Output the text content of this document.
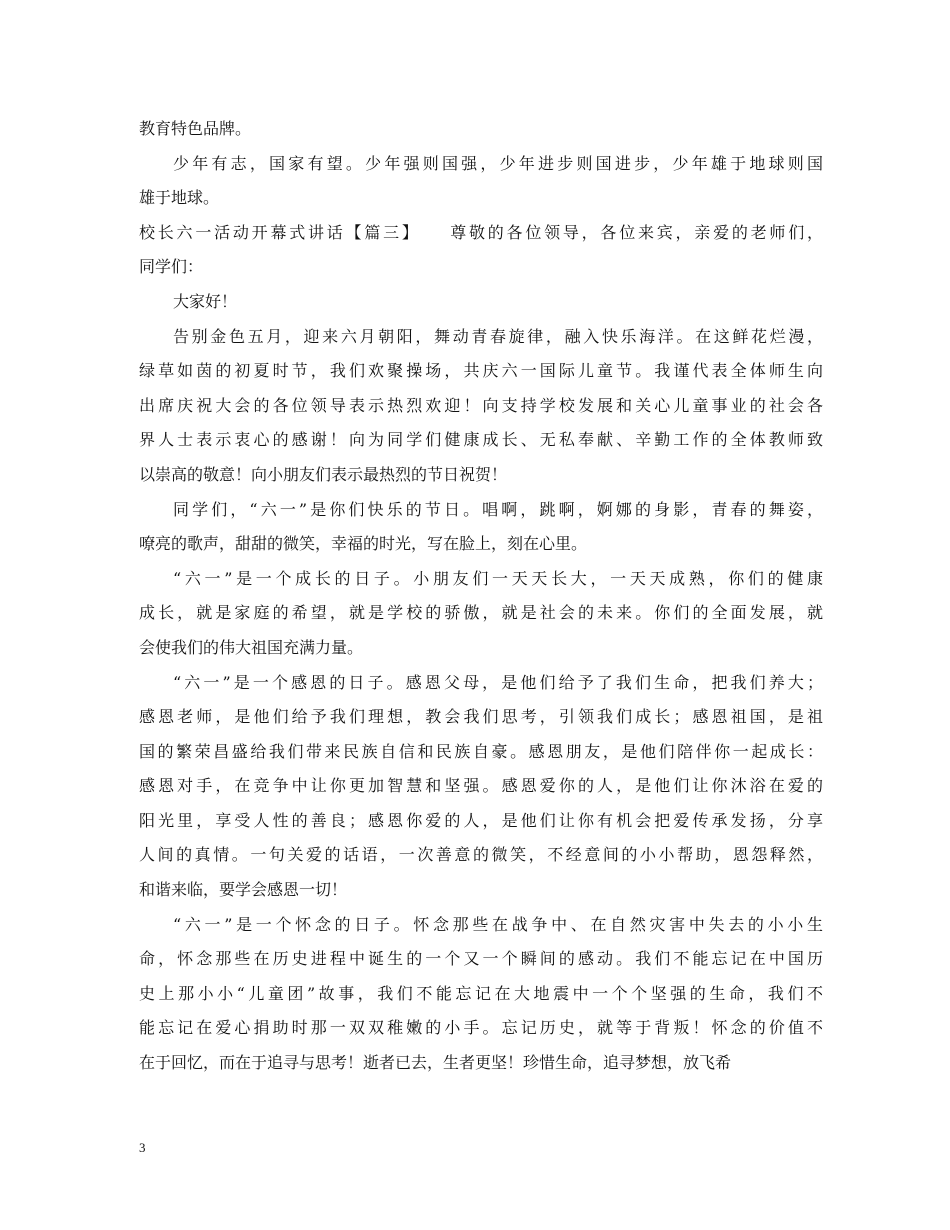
教育特色品牌。
少年有志，国家有望。少年强则国强，少年进步则国进步，少年雄于地球则国
雄于地球。
校长六一活动开幕式讲话【篇三】　　尊敬的各位领导，各位来宾，亲爱的老师们，
同学们：
大家好！
告别金色五月，迎来六月朝阳，舞动青春旋律，融入快乐海洋。在这鲜花烂漫，
绿草如茵的初夏时节，我们欢聚操场，共庆六一国际儿童节。我谨代表全体师生向
出席庆祝大会的各位领导表示热烈欢迎！向支持学校发展和关心儿童事业的社会各
界人士表示衷心的感谢！向为同学们健康成长、无私奉献、辛勤工作的全体教师致
以崇高的敬意！向小朋友们表示最热烈的节日祝贺！
同学们，“六一”是你们快乐的节日。唱啊，跳啊，婀娜的身影，青春的舞姿，
嘹亮的歌声，甜甜的微笑，幸福的时光，写在脸上，刻在心里。
“六一”是一个成长的日子。小朋友们一天天长大，一天天成熟，你们的健康
成长，就是家庭的希望，就是学校的骄傲，就是社会的未来。你们的全面发展，就
会使我们的伟大祖国充满力量。
“六一”是一个感恩的日子。感恩父母，是他们给予了我们生命，把我们养大；
感恩老师，是他们给予我们理想，教会我们思考，引领我们成长；感恩祖国，是祖
国的繁荣昌盛给我们带来民族自信和民族自豪。感恩朋友，是他们陪伴你一起成长：
感恩对手，在竞争中让你更加智慧和坚强。感恩爱你的人，是他们让你沐浴在爱的
阳光里，享受人性的善良；感恩你爱的人，是他们让你有机会把爱传承发扬，分享
人间的真情。一句关爱的话语，一次善意的微笑，不经意间的小小帮助，恩怨释然，
和谐来临，要学会感恩一切！
“六一”是一个怀念的日子。怀念那些在战争中、在自然灾害中失去的小小生
命，怀念那些在历史进程中诞生的一个又一个瞬间的感动。我们不能忘记在中国历
史上那小小“儿童团”故事，我们不能忘记在大地震中一个个坚强的生命，我们不
能忘记在爱心捐助时那一双双稚嫩的小手。忘记历史，就等于背叛！怀念的价值不
在于回忆，而在于追寻与思考！逝者已去，生者更坚！珍惜生命，追寻梦想，放飞希
3
